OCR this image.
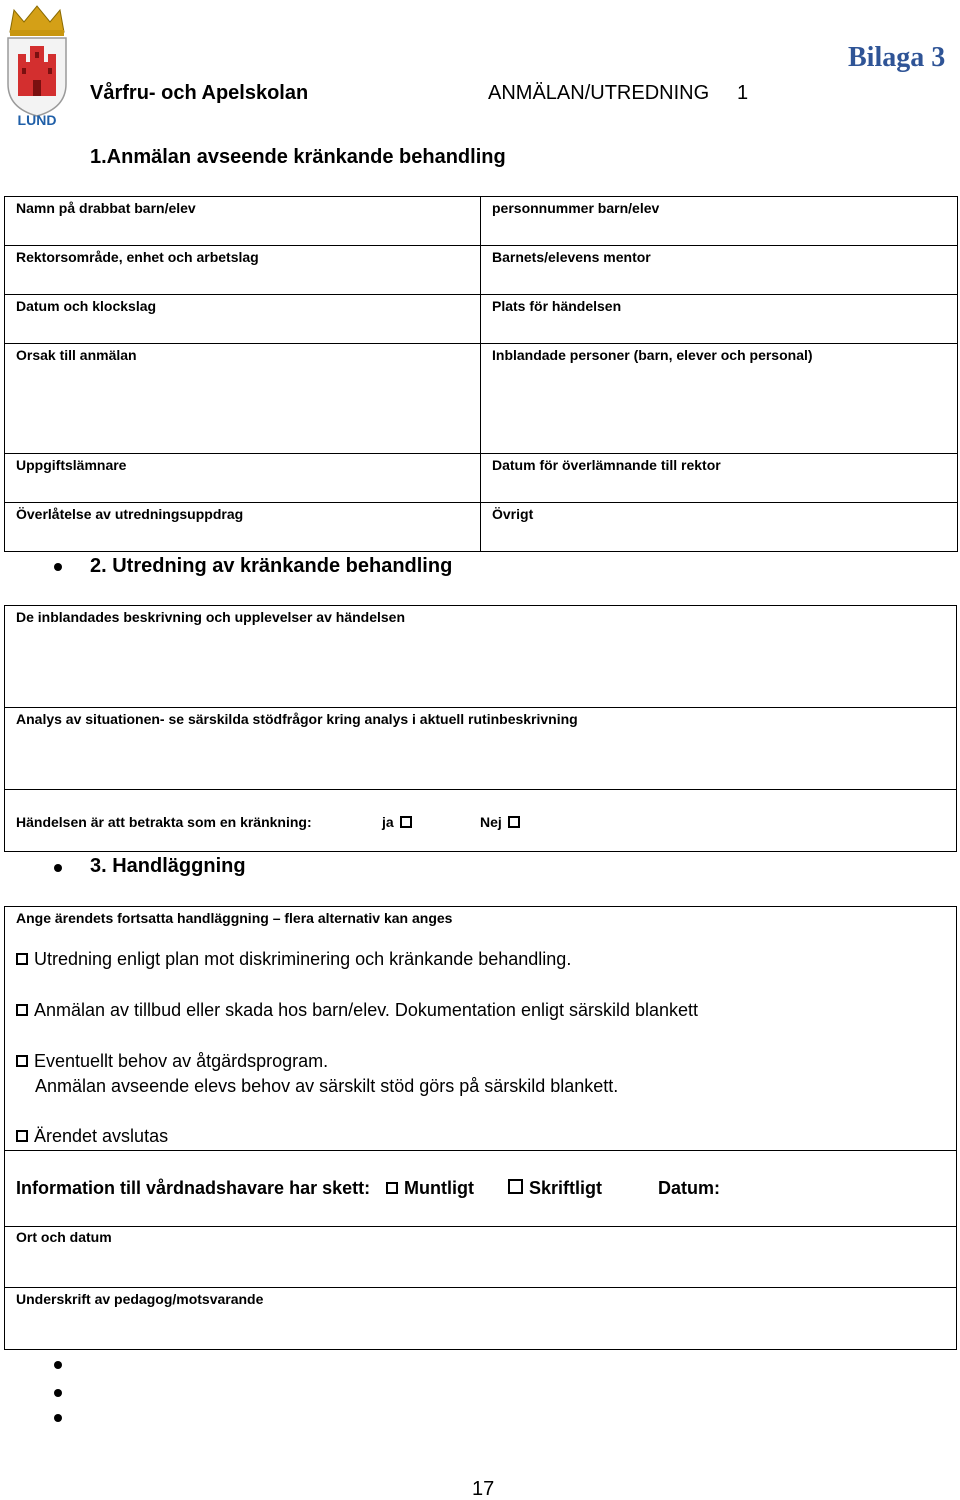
LUND
Vårfru- och Apelskolan	ANMÄLAN/UTREDNING 1
Bilaga 3
1.Anmälan avseende kränkande behandling
Namn på drabbat barn/elev	personnummer barn/elev
Rektorsområde, enhet och arbetslag	Barnets/elevens mentor
Datum och klockslag	Plats för händelsen
Orsak till anmälan	Inblandade personer (barn, elever och personal)
Uppgiftslämnare	Datum för överlämnande till rektor
Överlåtelse av utredningsuppdrag	Övrigt
2. Utredning av kränkande behandling
De inblandades beskrivning och upplevelser av händelsen
Analys av situationen- se särskilda stödfrågor kring analys i aktuell rutinbeskrivning
Händelsen är att betrakta som en kränkning:	ja	Nej
3. Handläggning
Ange ärendets fortsatta handläggning – flera alternativ kan anges
Utredning enligt plan mot diskriminering och kränkande behandling.
Anmälan av tillbud eller skada hos barn/elev. Dokumentation enligt särskild blankett
Eventuellt behov av åtgärdsprogram.
Anmälan avseende elevs behov av särskilt stöd görs på särskild blankett.
Ärendet avslutas
Information till vårdnadshavare har skett:	Muntligt	Skriftligt	Datum:
Ort och datum
Underskrift av pedagog/motsvarande
17
